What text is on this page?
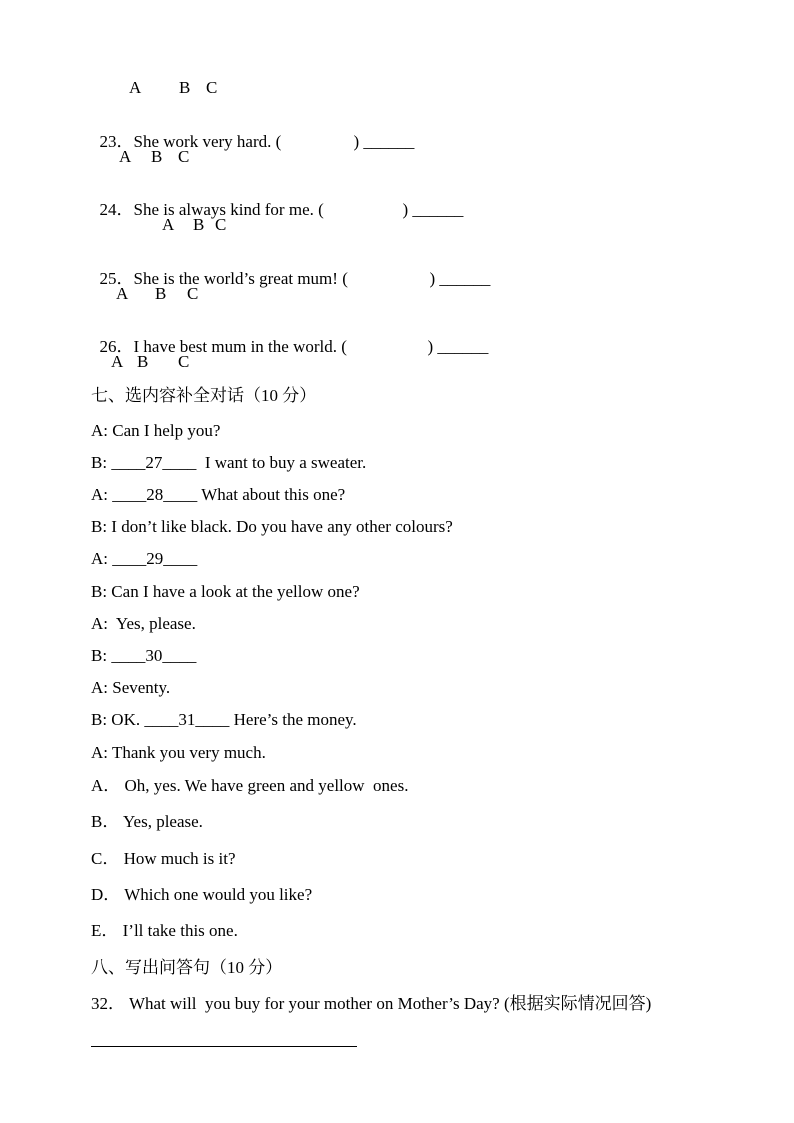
A

B

C

23．She work very hard. (	) ______

A

B

C

24．She is always kind for me. (	) ______

A

B

C

25．She is the world’s great mum! (	) ______

A

B

C

26．I have best mum in the world. (	) ______

A

B

C

七、选内容补全对话（10 分）
A: Can I help you?
B: ____27____  I want to buy a sweater.
A: ____28____ What about this one?
B: I don’t like black. Do you have any other colours?
A: ____29____
B: Can I have a look at the yellow one?
A:  Yes, please.
B: ____30____
A: Seventy.
B: OK. ____31____ Here’s the money.
A: Thank you very much.
A． Oh, yes. We have green and yellow  ones.
B． Yes, please.
C． How much is it?
D． Which one would you like?
E． I’ll take this one.
八、写出问答句（10 分）
32． What will  you buy for your mother on Mother’s Day? (根据实际情况回答)
